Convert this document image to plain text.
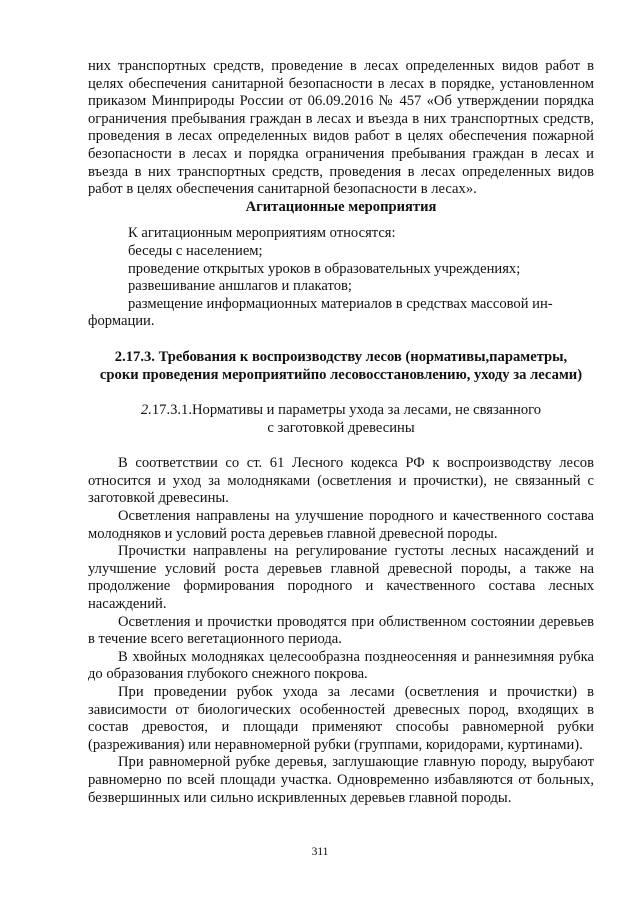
них транспортных средств, проведение в лесах определенных видов работ в целях обеспечения санитарной безопасности в лесах в порядке, установленном приказом Минприроды России от 06.09.2016 № 457 «Об утверждении порядка ограничения пребывания граждан в лесах и въезда в них транспортных средств, проведения в лесах определенных видов работ в целях обеспечения пожарной безопасности в лесах и порядка ограничения пребывания граждан в лесах и въезда в них транспортных средств, проведения в лесах определенных видов работ в целях обеспечения санитарной безопасности в лесах».

Агитационные мероприятия

К агитационным мероприятиям относятся:

беседы с населением;

проведение открытых уроков в образовательных учреждениях;

развешивание аншлагов и плакатов;

размещение информационных материалов в средствах массовой ин-

формации.

2.17.3. Требования к воспроизводству лесов (нормативы,параметры,

сроки проведения мероприятийпо лесовосстановлению, уходу за лесами)

2.17.3.1.Нормативы и параметры ухода за лесами, не связанного

с заготовкой древесины

В соответствии со ст. 61 Лесного кодекса РФ к воспроизводству лесов относится и уход за молодняками (осветления и прочистки), не связанный с заготовкой древесины.

Осветления направлены на улучшение породного и качественного состава молодняков и условий роста деревьев главной древесной породы.

Прочистки направлены на регулирование густоты лесных насаждений и улучшение условий роста деревьев главной древесной породы, а также на продолжение формирования породного и качественного состава лесных насаждений.

Осветления и прочистки проводятся при облиственном состоянии деревьев в течение всего вегетационного периода.

В хвойных молодняках целесообразна позднеосенняя и раннезимняя рубка до образования глубокого снежного покрова.

При проведении рубок ухода за лесами (осветления и прочистки) в зависимости от биологических особенностей древесных пород, входящих в состав древостоя, и площади применяют способы равномерной рубки (разреживания) или неравномерной рубки (группами, коридорами, куртинами).

При равномерной рубке деревья, заглушающие главную породу, вырубают равномерно по всей площади участка. Одновременно избавляются от больных, безвершинных или сильно искривленных деревьев главной породы.

311
